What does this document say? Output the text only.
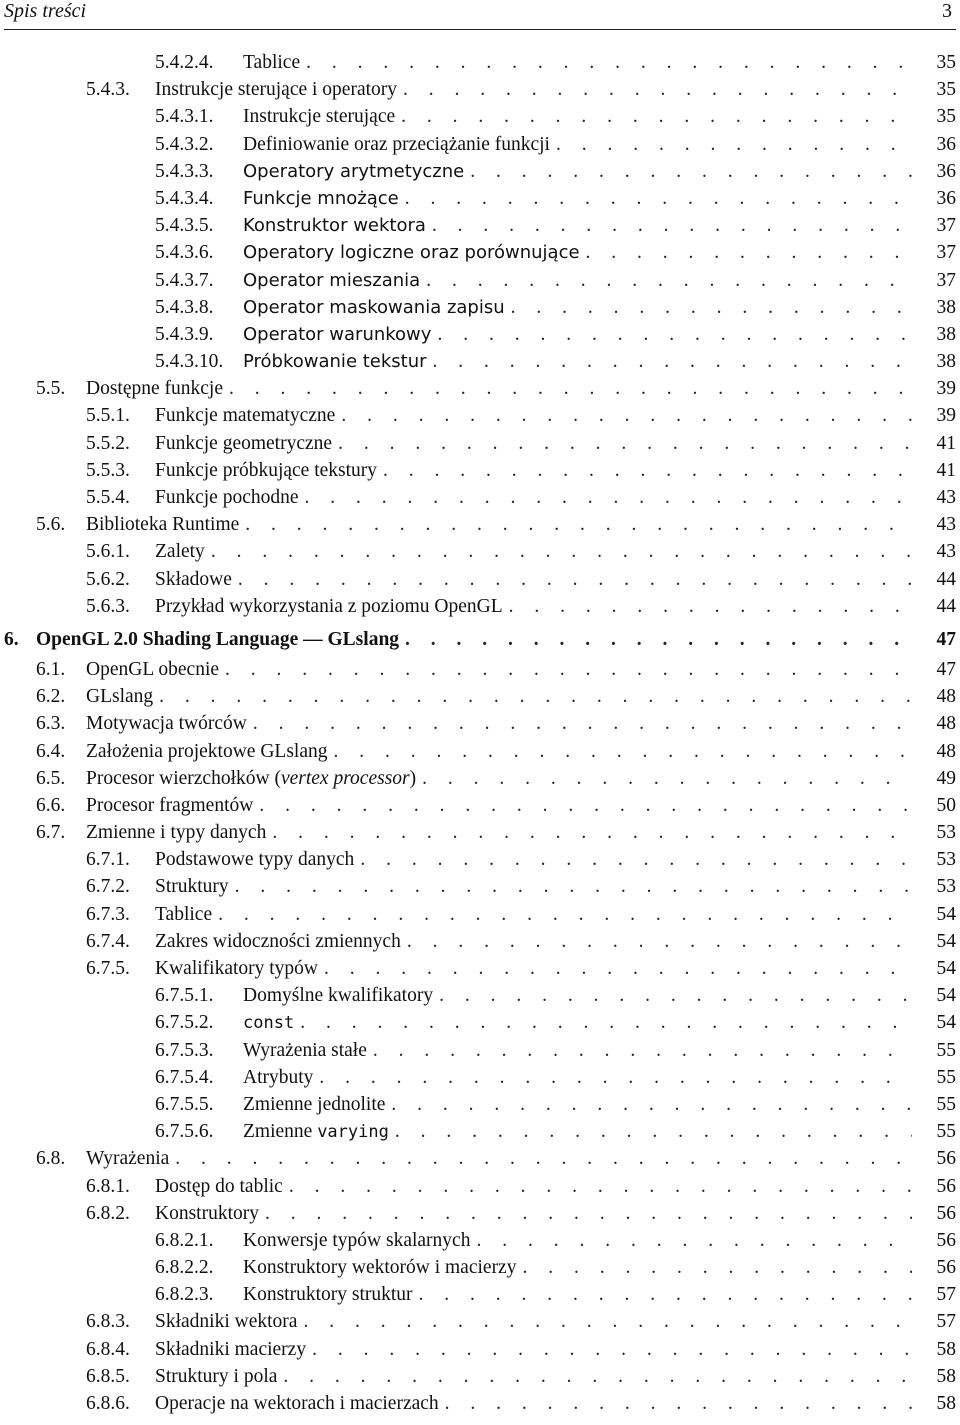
Spis treści	3
5.4.2.4. Tablice . . .	35
5.4.3. Instrukcje sterujące i operatory . . .	35
5.4.3.1. Instrukcje sterujące . . .	35
5.4.3.2. Definiowanie oraz przeciążanie funkcji . . .	36
5.4.3.3. Operatory arytmetyczne . . .	36
5.4.3.4. Funkcje mnożące . . .	36
5.4.3.5. Konstruktor wektora . . .	37
5.4.3.6. Operatory logiczne oraz porównujące . . .	37
5.4.3.7. Operator mieszania . . .	37
5.4.3.8. Operator maskowania zapisu . . .	38
5.4.3.9. Operator warunkowy . . .	38
5.4.3.10. Próbkowanie tekstur . . .	38
5.5. Dostępne funkcje . . .	39
5.5.1. Funkcje matematyczne . . .	39
5.5.2. Funkcje geometryczne . . .	41
5.5.3. Funkcje próbkujące tekstury . . .	41
5.5.4. Funkcje pochodne . . .	43
5.6. Biblioteka Runtime . . .	43
5.6.1. Zalety . . .	43
5.6.2. Składowe . . .	44
5.6.3. Przykład wykorzystania z poziomu OpenGL . . .	44
6. OpenGL 2.0 Shading Language — GLslang . . .	47
6.1. OpenGL obecnie . . .	47
6.2. GLslang . . .	48
6.3. Motywacja twórców . . .	48
6.4. Założenia projektowe GLslang . . .	48
6.5. Procesor wierzchołków (vertex processor) . . .	49
6.6. Procesor fragmentów . . .	50
6.7. Zmienne i typy danych . . .	53
6.7.1. Podstawowe typy danych . . .	53
6.7.2. Struktury . . .	53
6.7.3. Tablice . . .	54
6.7.4. Zakres widoczności zmiennych . . .	54
6.7.5. Kwalifikatory typów . . .	54
6.7.5.1. Domyślne kwalifikatory . . .	54
6.7.5.2. const . . .	54
6.7.5.3. Wyrażenia stałe . . .	55
6.7.5.4. Atrybuty . . .	55
6.7.5.5. Zmienne jednolite . . .	55
6.7.5.6. Zmienne varying . . .	55
6.8. Wyrażenia . . .	56
6.8.1. Dostęp do tablic . . .	56
6.8.2. Konstruktory . . .	56
6.8.2.1. Konwersje typów skalarnych . . .	56
6.8.2.2. Konstruktory wektorów i macierzy . . .	56
6.8.2.3. Konstruktory struktur . . .	57
6.8.3. Składniki wektora . . .	57
6.8.4. Składniki macierzy . . .	58
6.8.5. Struktury i pola . . .	58
6.8.6. Operacje na wektorach i macierzach . . .	58
